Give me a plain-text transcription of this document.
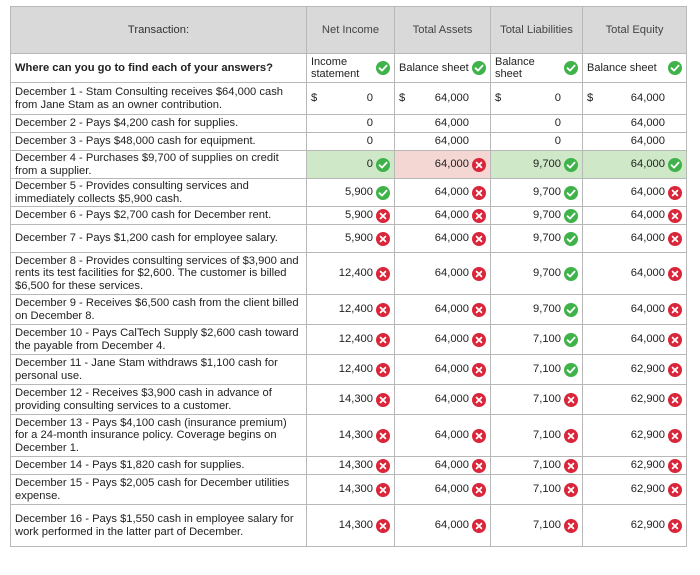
Transaction:	Net Income	Total Assets	Total Liabilities	Total Equity
Where can you go to find each of your answers?	Income statement	Balance sheet	Balance sheet	Balance sheet

December 1 - Stam Consulting receives $64,000 cash from Jane Stam as an owner contribution.	$ 0	$ 64,000	$ 0	$ 64,000

December 2 - Pays $4,200 cash for supplies.	0	64,000	0	64,000

December 3 - Pays $48,000 cash for equipment.	0	64,000	0	64,000

December 4 - Purchases $9,700 of supplies on credit from a supplier.	0	64,000	9,700	64,000

December 5 - Provides consulting services and immediately collects $5,900 cash.	5,900	64,000	9,700	64,000

December 6 - Pays $2,700 cash for December rent.	5,900	64,000	9,700	64,000

December 7 - Pays $1,200 cash for employee salary.	5,900	64,000	9,700	64,000

December 8 - Provides consulting services of $3,900 and rents its test facilities for $2,600. The customer is billed $6,500 for these services.	12,400	64,000	9,700	64,000

December 9 - Receives $6,500 cash from the client billed on December 8.	12,400	64,000	9,700	64,000

December 10 - Pays CalTech Supply $2,600 cash toward the payable from December 4.	12,400	64,000	7,100	64,000

December 11 - Jane Stam withdraws $1,100 cash for personal use.	12,400	64,000	7,100	62,900

December 12 - Receives $3,900 cash in advance of providing consulting services to a customer.	14,300	64,000	7,100	62,900

December 13 - Pays $4,100 cash (insurance premium) for a 24-month insurance policy. Coverage begins on December 1.	14,300	64,000	7,100	62,900

December 14 - Pays $1,820 cash for supplies.	14,300	64,000	7,100	62,900

December 15 - Pays $2,005 cash for December utilities expense.	14,300	64,000	7,100	62,900

December 16 - Pays $1,550 cash in employee salary for work performed in the latter part of December.	14,300	64,000	7,100	62,900
